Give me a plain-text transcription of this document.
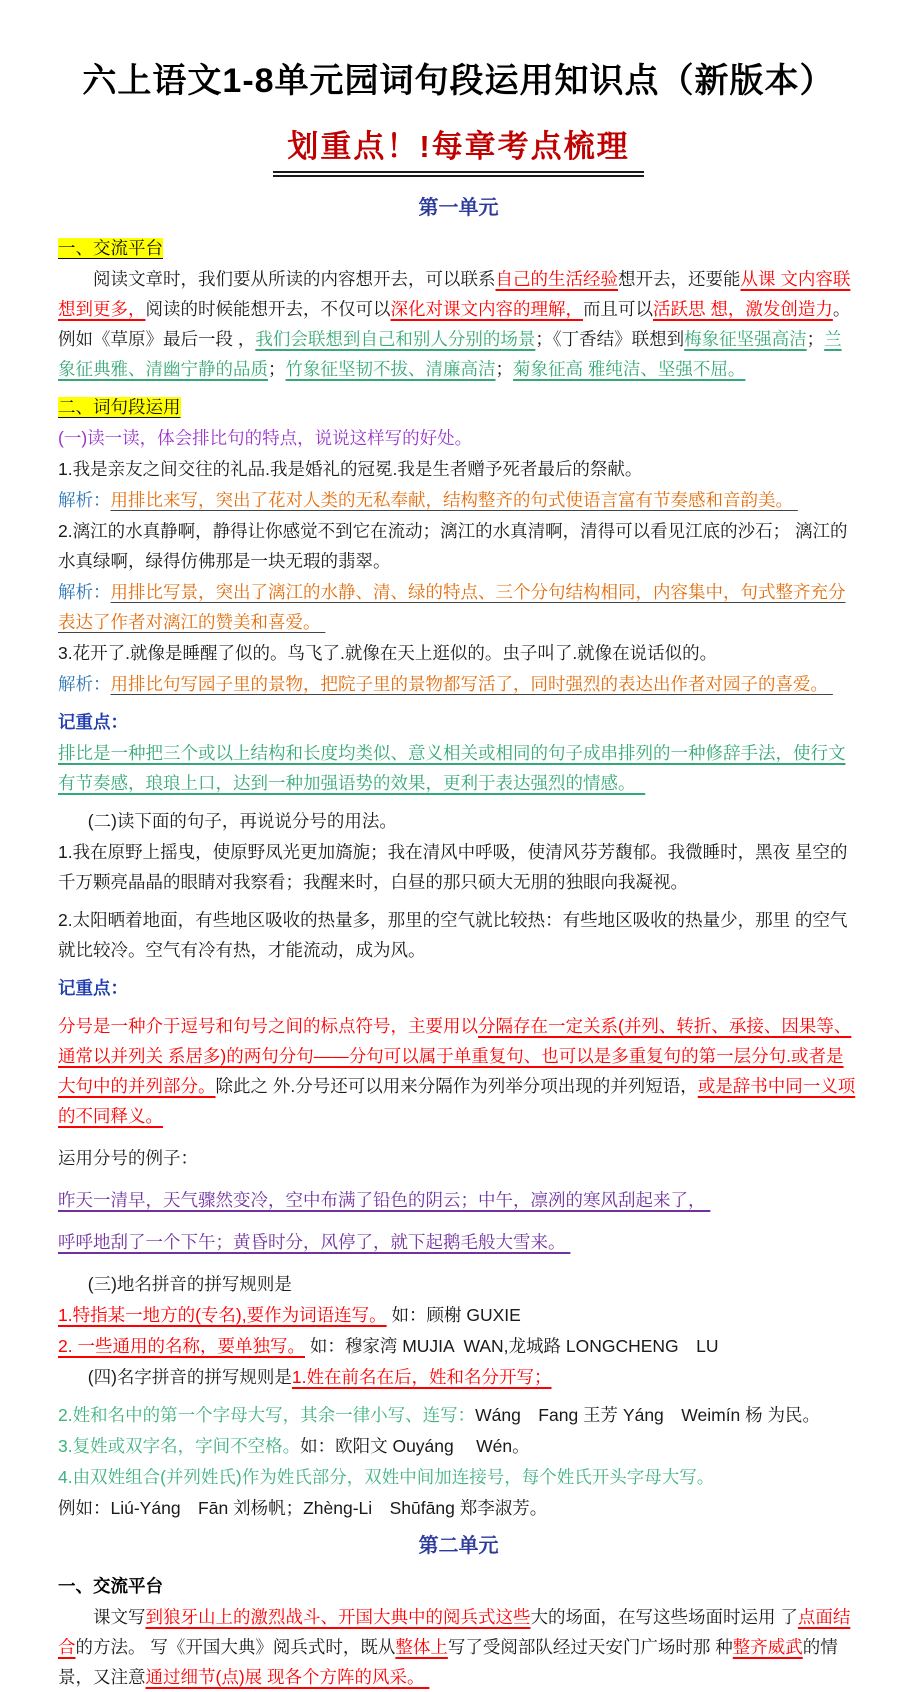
六上语文1-8单元园词句段运用知识点（新版本）
划重点！!每章考点梳理
第一单元
一、交流平台
阅读文章时，我们要从所读的内容想开去，可以联系自己的生活经验想开去，还要能从课 文内容联想到更多，阅读的时候能想开去，不仅可以深化对课文内容的理解，而且可以活跃思 想，激发创造力。例如《草原》最后一段 ，我们会联想到自己和别人分别的场景；《丁香结》联想到梅象征坚强高洁；兰象征典雅、清幽宁静的品质；竹象征坚韧不拔、清廉高洁；菊象征高 雅纯洁、坚强不屈。
二、词句段运用
(一)读一读，体会排比句的特点，说说这样写的好处。
1.我是亲友之间交往的礼品.我是婚礼的冠冕.我是生者赠予死者最后的祭献。
解析：用排比来写，突出了花对人类的无私奉献，结构整齐的句式使语言富有节奏感和音韵美。
2.漓江的水真静啊，静得让你感觉不到它在流动；漓江的水真清啊，清得可以看见江底的沙石； 漓江的水真绿啊，绿得仿佛那是一块无瑕的翡翠。
解析：用排比写景，突出了漓江的水静、清、绿的特点、三个分句结构相同，内容集中，句式整齐充分表达了作者对漓江的赞美和喜爱。
3.花开了.就像是睡醒了似的。鸟飞了.就像在天上逛似的。虫子叫了.就像在说话似的。
解析：用排比句写园子里的景物，把院子里的景物都写活了，同时强烈的表达出作者对园子的喜爱。
记重点：
排比是一种把三个或以上结构和长度均类似、意义相关或相同的句子成串排列的一种修辞手法，使行文有节奏感，琅琅上口，达到一种加强语势的效果，更利于表达强烈的情感。
(二)读下面的句子，再说说分号的用法。
1.我在原野上摇曳，使原野凤光更加旖旎；我在清风中呼吸，使清风芬芳馥郁。我微睡时，黑夜 星空的千万颗亮晶晶的眼睛对我察看；我醒来时，白昼的那只硕大无朋的独眼向我凝视。
2.太阳晒着地面，有些地区吸收的热量多，那里的空气就比较热：有些地区吸收的热量少，那里 的空气就比较冷。空气有冷有热，才能流动，成为风。
记重点：
分号是一种介于逗号和句号之间的标点符号，主要用以分隔存在一定关系(并列、转折、承接、因果等、通常以并列关 系居多)的两句分句——分句可以属于单重复句、也可以是多重复句的第一层分句.或者是大句中的并列部分。除此之 外.分号还可以用来分隔作为列举分项出现的并列短语，或是辞书中同一义项的不同释义。
运用分号的例子：
昨天一清早，天气骤然变冷，空中布满了铅色的阴云；中午，凛冽的寒风刮起来了，
呼呼地刮了一个下午；黄昏时分，风停了，就下起鹅毛般大雪来。
(三)地名拼音的拼写规则是
1.特指某一地方的(专名),要作为词语连写。 如：顾榭 GUXIE
2. 一些通用的名称，要单独写。 如：穆家湾 MUJIA  WAN,龙城路 LONGCHENG　LU
(四)名字拼音的拼写规则是1.姓在前名在后，姓和名分开写；
2.姓和名中的第一个字母大写，其余一律小写、连写：Wáng　Fang 王芳 Yáng　Weimín 杨 为民。
3.复姓或双字名，字间不空格。如：欧阳文 Ouyáng　 Wén。
4.由双姓组合(并列姓氏)作为姓氏部分，双姓中间加连接号，每个姓氏开头字母大写。
例如：Liú-Yáng　Fān 刘杨帆；Zhèng-Li　Shūfāng 郑李淑芳。
第二单元
一、交流平台
课文写到狼牙山上的激烈战斗、开国大典中的阅兵式这些大的场面，在写这些场面时运用 了点面结合的方法。 写《开国大典》阅兵式时，既从整体上写了受阅部队经过天安门广场时那 种整齐威武的情景，又注意通过细节(点)展 现各个方阵的风采。
